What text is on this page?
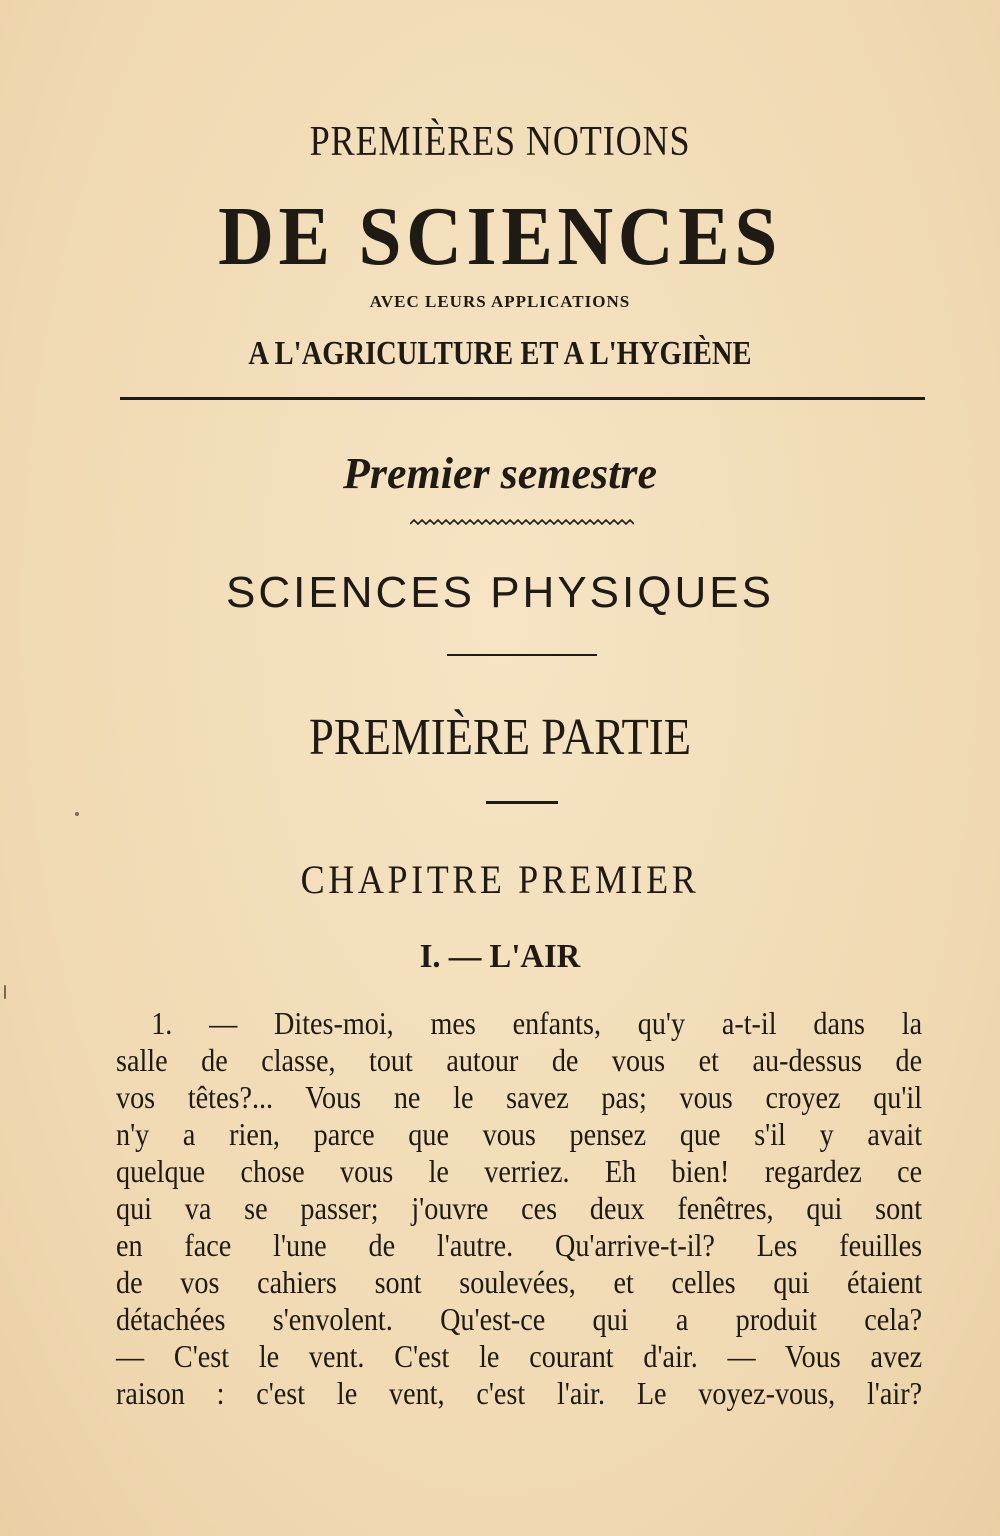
PREMIÈRES NOTIONS
DE SCIENCES
AVEC LEURS APPLICATIONS
A L'AGRICULTURE ET A L'HYGIÈNE
Premier semestre
SCIENCES PHYSIQUES
PREMIÈRE PARTIE
CHAPITRE PREMIER
I. — L'AIR
1. — Dites-moi, mes enfants, qu'y a-t-il dans la
salle de classe, tout autour de vous et au-dessus de
vos têtes?... Vous ne le savez pas; vous croyez qu'il
n'y a rien, parce que vous pensez que s'il y avait
quelque chose vous le verriez. Eh bien! regardez ce
qui va se passer; j'ouvre ces deux fenêtres, qui sont
en face l'une de l'autre. Qu'arrive-t-il? Les feuilles
de vos cahiers sont soulevées, et celles qui étaient
détachées s'envolent. Qu'est-ce qui a produit cela?
— C'est le vent. C'est le courant d'air. — Vous avez
raison : c'est le vent, c'est l'air. Le voyez-vous, l'air?
